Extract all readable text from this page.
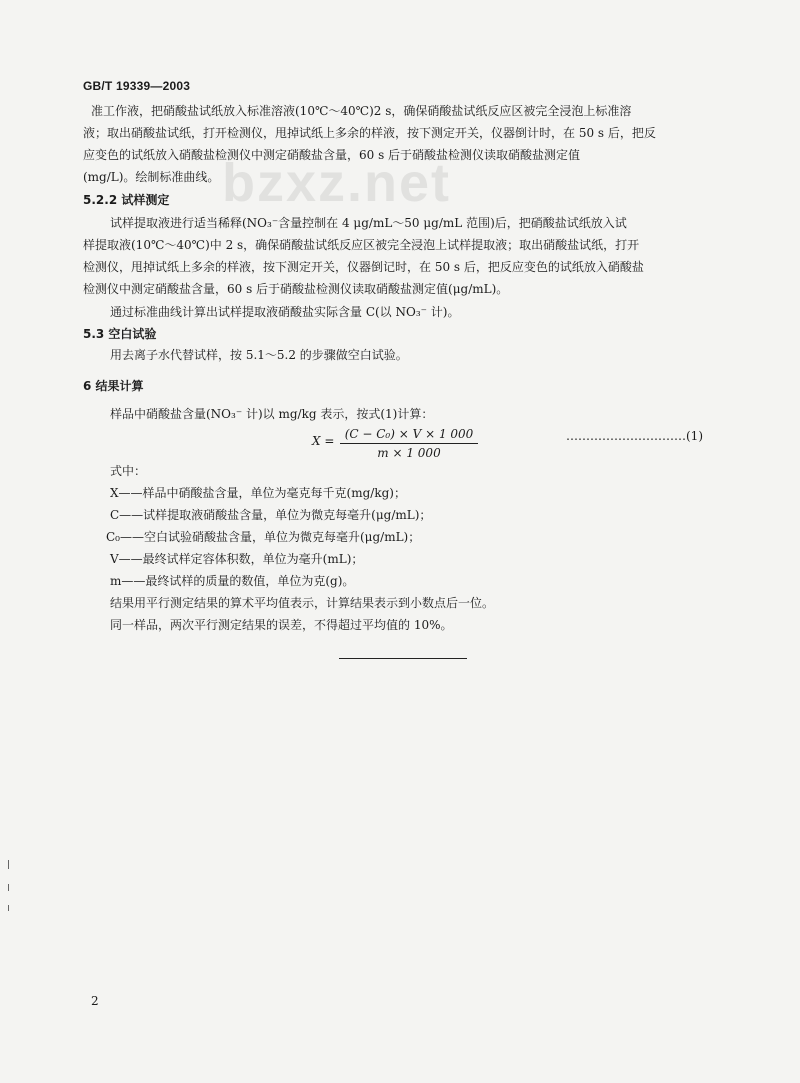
GB/T 19339—2003
bzxz.net
准工作液，把硝酸盐试纸放入标准溶液(10℃～40℃)2 s，确保硝酸盐试纸反应区被完全浸泡上标准溶
液；取出硝酸盐试纸，打开检测仪，甩掉试纸上多余的样液，按下测定开关，仪器倒计时，在 50 s 后，把反
应变色的试纸放入硝酸盐检测仪中测定硝酸盐含量，60 s 后于硝酸盐检测仪读取硝酸盐测定值
(mg/L)。绘制标准曲线。
5.2.2 试样测定
试样提取液进行适当稀释(NO₃⁻含量控制在 4 μg/mL～50 μg/mL 范围)后，把硝酸盐试纸放入试
样提取液(10℃～40℃)中 2 s，确保硝酸盐试纸反应区被完全浸泡上试样提取液；取出硝酸盐试纸，打开
检测仪，甩掉试纸上多余的样液，按下测定开关，仪器倒记时，在 50 s 后，把反应变色的试纸放入硝酸盐
检测仪中测定硝酸盐含量，60 s 后于硝酸盐检测仪读取硝酸盐测定值(μg/mL)。
通过标准曲线计算出试样提取液硝酸盐实际含量 C(以 NO₃⁻ 计)。
5.3 空白试验
用去离子水代替试样，按 5.1～5.2 的步骤做空白试验。
6 结果计算
样品中硝酸盐含量(NO₃⁻ 计)以 mg/kg 表示，按式(1)计算：
$X = \frac{\text{(C − C₀) × V × 1 000}}{m \times 1 000}$	…………………………(1)
式中：
X——样品中硝酸盐含量，单位为毫克每千克(mg/kg)；
C——试样提取液硝酸盐含量，单位为微克每毫升(μg/mL)；
C₀——空白试验硝酸盐含量，单位为微克每毫升(μg/mL)；
V——最终试样定容体积数，单位为毫升(mL)；
m——最终试样的质量的数值，单位为克(g)。
结果用平行测定结果的算术平均值表示，计算结果表示到小数点后一位。
同一样品，两次平行测定结果的误差，不得超过平均值的 10%。
2
